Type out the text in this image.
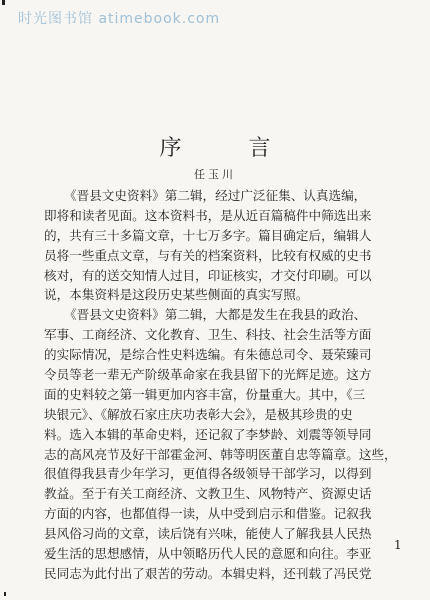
时光图书馆 atimebook.com
序 言
任玉川
《晋县文史资料》第二辑，经过广泛征集、认真选编，
即将和读者见面。这本资料书，是从近百篇稿件中筛选出来
的，共有三十多篇文章，十七万多字。篇目确定后，编辑人
员将一些重点文章，与有关的档案资料，比较有权威的史书
核对，有的送交知情人过目，印证核实，才交付印刷。可以
说，本集资料是这段历史某些侧面的真实写照。
《晋县文史资料》第二辑，大都是发生在我县的政治、
军事、工商经济、文化教育、卫生、科技、社会生活等方面
的实际情况，是综合性史料选编。有朱德总司令、聂荣臻司
令员等老一辈无产阶级革命家在我县留下的光辉足迹。这方
面的史料较之第一辑更加内容丰富，份量重大。其中，《三
块银元》、《解放石家庄庆功表彰大会》，是极其珍贵的史
料。选入本辑的革命史料，还记叙了李梦龄、刘震等领导同
志的高风亮节及好干部霍金河、韩等明医董自忠等篇章。这些，
很值得我县青少年学习，更值得各级领导干部学习，以得到
教益。至于有关工商经济、文教卫生、风物特产、资源史话
方面的内容，也都值得一读，从中受到启示和借鉴。记叙我
县风俗习尚的文章，读后饶有兴味，能使人了解我县人民热
爱生活的思想感情，从中领略历代人民的意愿和向往。李亚
民同志为此付出了艰苦的劳动。本辑史料，还刊载了冯民党
1
